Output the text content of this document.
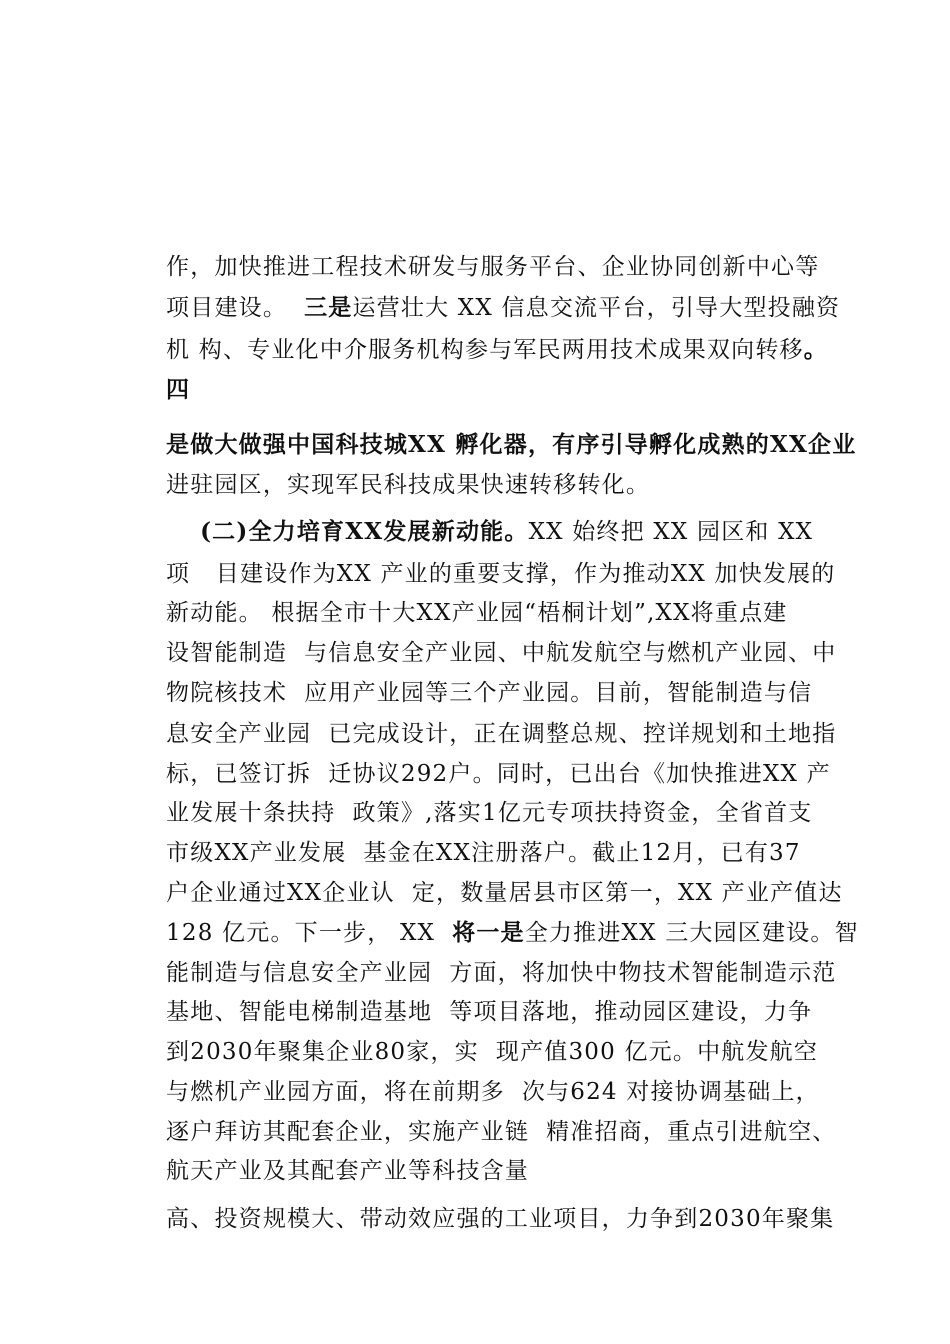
作，加快推进工程技术研发与服务平台、企业协同创新中心等

项目建设。  三是运营壮大 XX 信息交流平台，引导大型投融资

机 构、专业化中介服务机构参与军民两用技术成果双向转移。

四

是做大做强中国科技城XX 孵化器，有序引导孵化成熟的XX企业

进驻园区，实现军民科技成果快速转移转化。

(二)全力培育XX发展新动能。XX 始终把 XX 园区和 XX

项   目建设作为XX 产业的重要支撑，作为推动XX 加快发展的

新动能。 根据全市十大XX产业园“梧桐计划”,XX将重点建

设智能制造  与信息安全产业园、中航发航空与燃机产业园、中

物院核技术  应用产业园等三个产业园。目前，智能制造与信

息安全产业园  已完成设计，正在调整总规、控详规划和土地指

标，已签订拆  迁协议292户。同时，已出台《加快推进XX 产

业发展十条扶持  政策》,落实1亿元专项扶持资金，全省首支

市级XX产业发展  基金在XX注册落户。截止12月，已有37

户企业通过XX企业认  定，数量居县市区第一，XX 产业产值达

128 亿元。下一步， XX  将一是全力推进XX 三大园区建设。智

能制造与信息安全产业园  方面，将加快中物技术智能制造示范

基地、智能电梯制造基地  等项目落地，推动园区建设，力争

到2030年聚集企业80家，实  现产值300 亿元。中航发航空

与燃机产业园方面，将在前期多  次与624 对接协调基础上，

逐户拜访其配套企业，实施产业链  精准招商，重点引进航空、

航天产业及其配套产业等科技含量

高、投资规模大、带动效应强的工业项目，力争到2030年聚集
